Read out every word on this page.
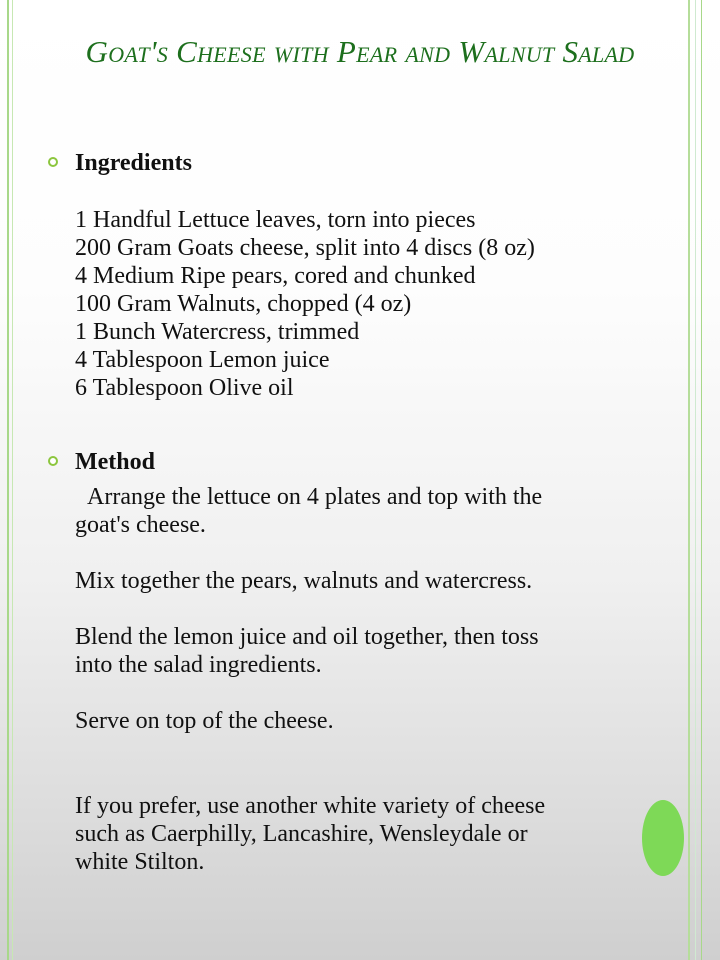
Goat's Cheese with Pear and Walnut Salad
Ingredients
1 Handful Lettuce leaves, torn into pieces
200 Gram Goats cheese, split into 4 discs (8 oz)
4 Medium Ripe pears, cored and chunked
100 Gram Walnuts, chopped (4 oz)
1 Bunch Watercress, trimmed
4 Tablespoon Lemon juice
6 Tablespoon Olive oil
Method
Arrange the lettuce on 4 plates and top with the
goat's cheese.
Mix together the pears, walnuts and watercress.
Blend the lemon juice and oil together, then toss
into the salad ingredients.
Serve on top of the cheese.
If you prefer, use another white variety of cheese
such as Caerphilly, Lancashire, Wensleydale or
white Stilton.
